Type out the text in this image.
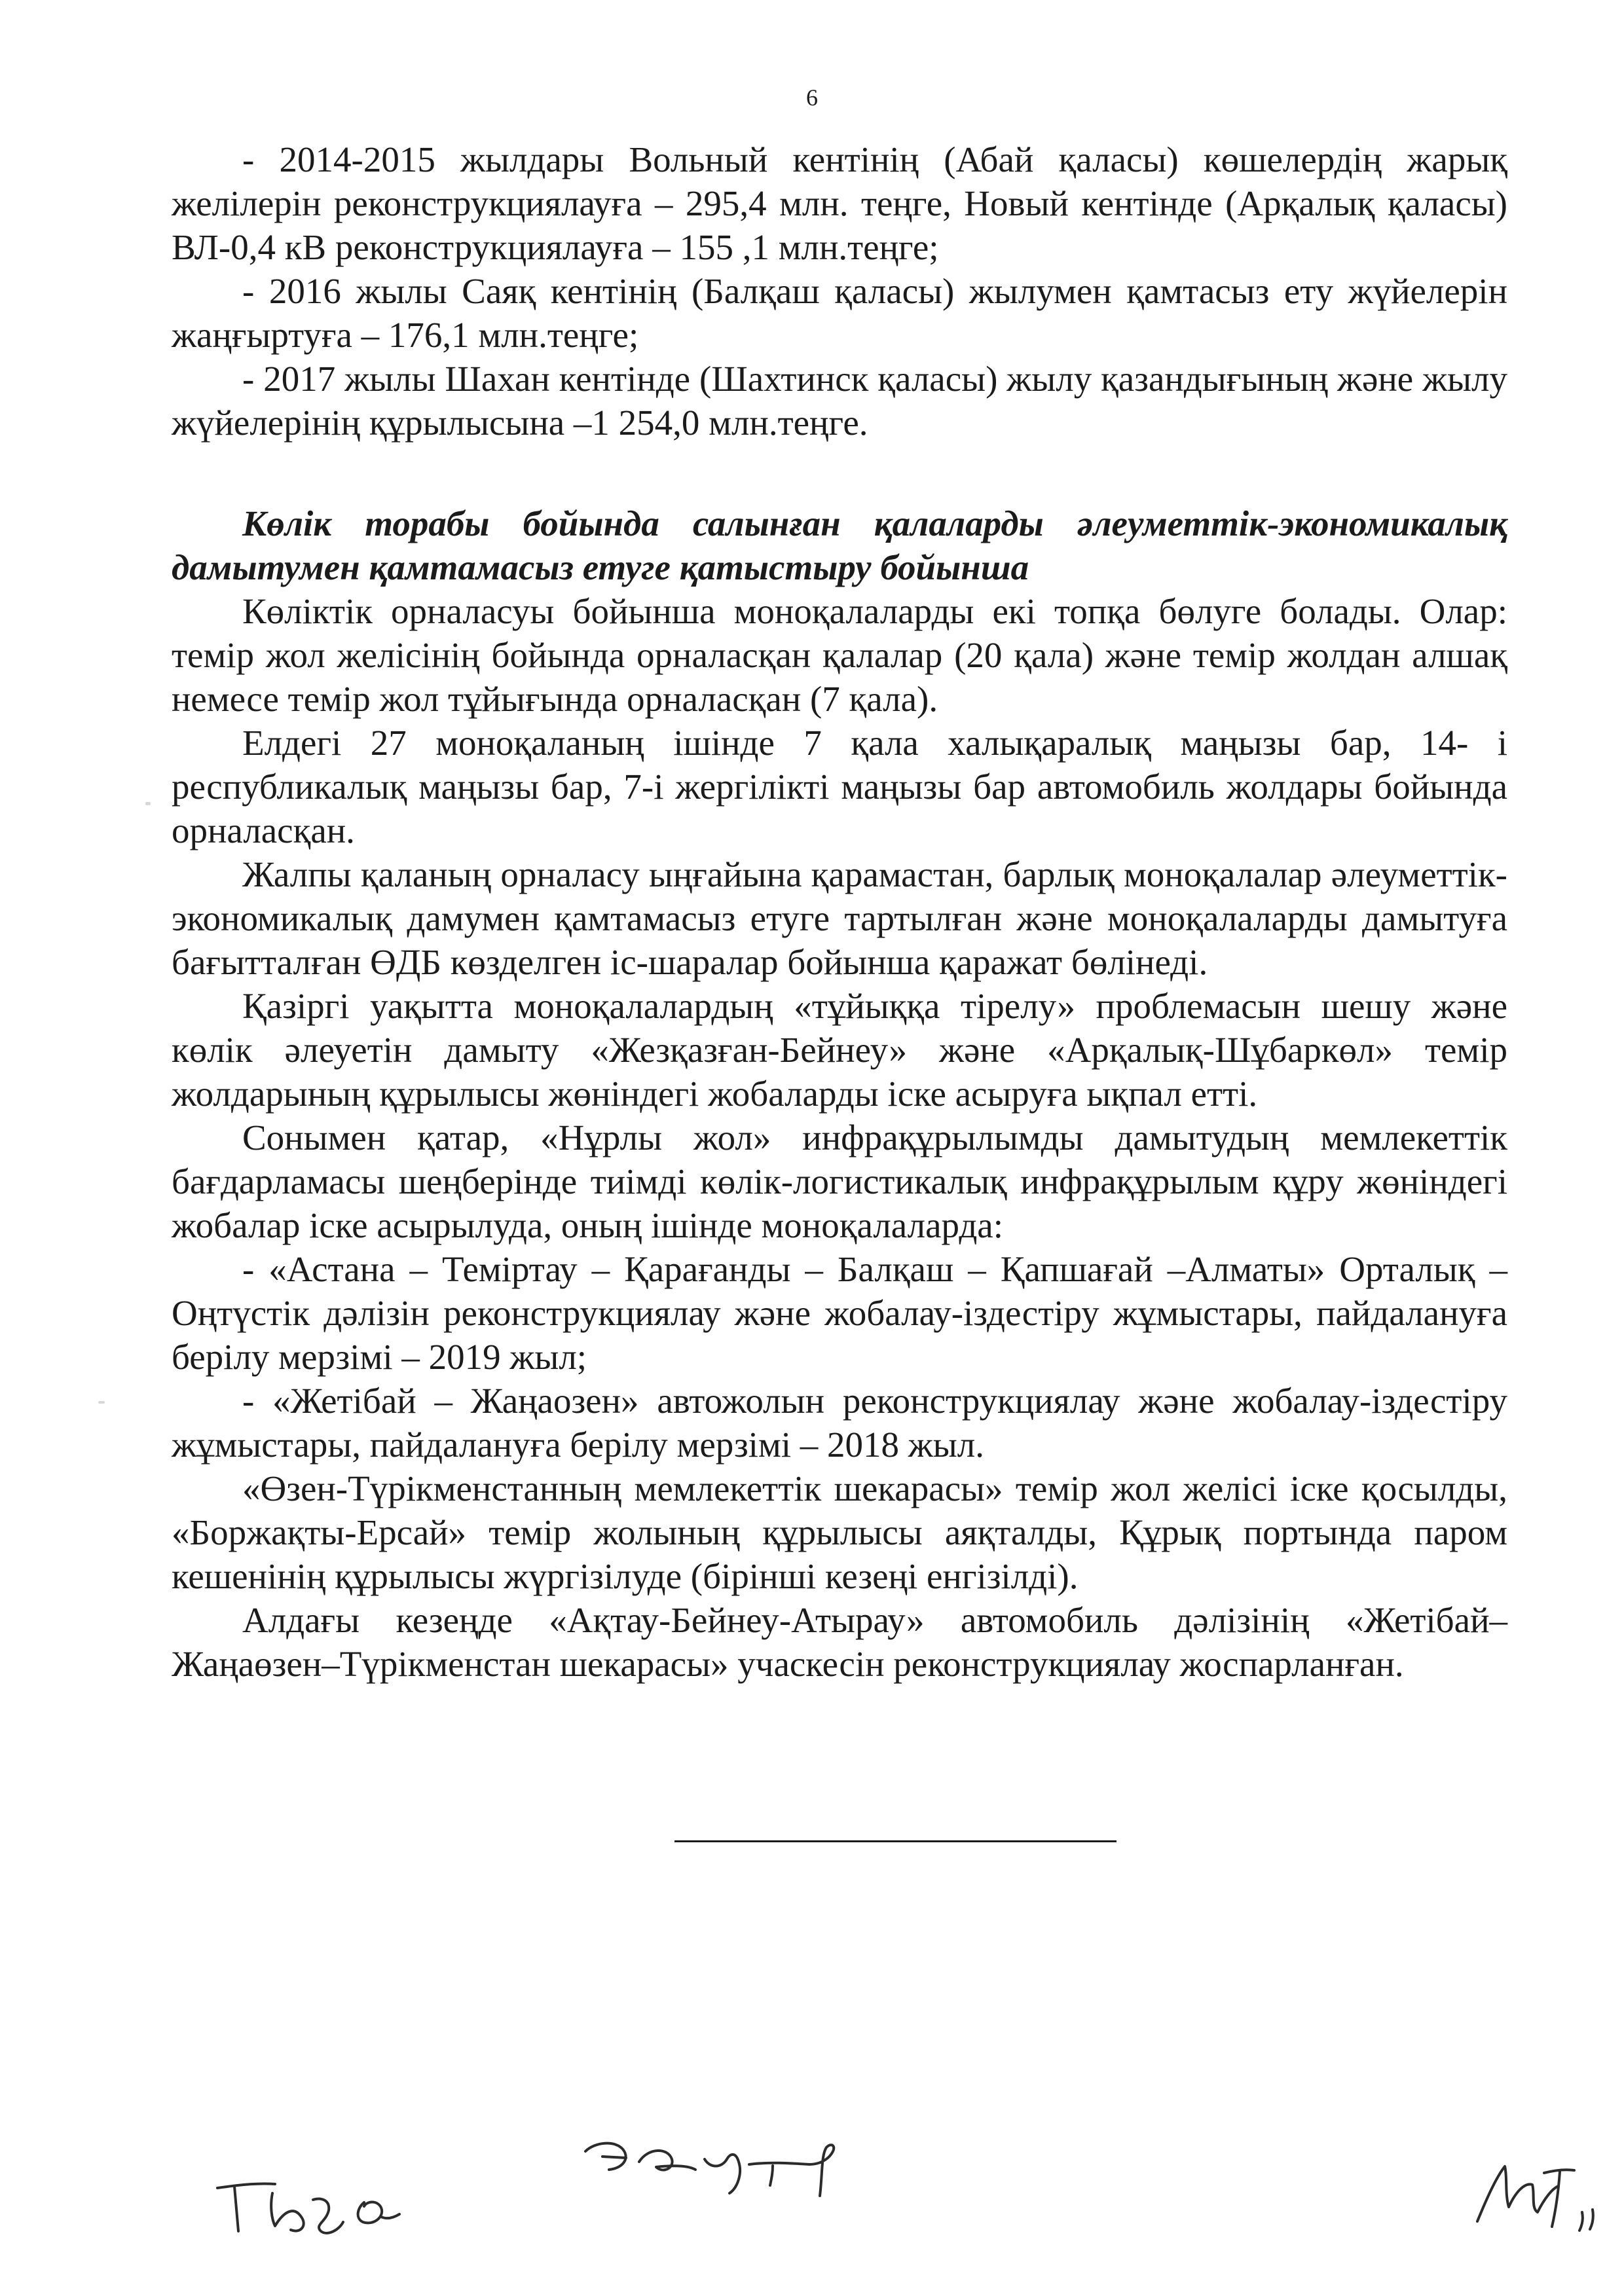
6

- 2014-2015 жылдары Вольный кентінің (Абай қаласы) көшелердің жарық желілерін реконструкциялауға – 295,4 млн. теңге, Новый кентінде (Арқалық қаласы) ВЛ-0,4 кВ реконструкциялауға – 155 ,1 млн.теңге;

- 2016 жылы Саяқ кентінің (Балқаш қаласы) жылумен қамтасыз ету жүйелерін жаңғыртуға – 176,1 млн.теңге;

- 2017 жылы Шахан кентінде (Шахтинск қаласы) жылу қазандығының және жылу жүйелерінің құрылысына –1 254,0 млн.теңге.

Көлік торабы бойында салынған қалаларды әлеуметтік-экономикалық дамытумен қамтамасыз етуге қатыстыру бойынша

Көліктік орналасуы бойынша моноқалаларды екі топқа бөлуге болады. Олар: темір жол желісінің бойында орналасқан қалалар (20 қала) және темір жолдан алшақ немесе темір жол тұйығында орналасқан (7 қала).

Елдегі 27 моноқаланың ішінде 7 қала халықаралық маңызы бар, 14- і республикалық маңызы бар, 7-і жергілікті маңызы бар автомобиль жолдары бойында орналасқан.

Жалпы қаланың орналасу ыңғайына қарамастан, барлық моноқалалар әлеуметтік-экономикалық дамумен қамтамасыз етуге тартылған және моноқалаларды дамытуға бағытталған ӨДБ көзделген іс-шаралар бойынша қаражат бөлінеді.

Қазіргі уақытта моноқалалардың «тұйыққа тірелу» проблемасын шешу және көлік әлеуетін дамыту «Жезқазған-Бейнеу» және «Арқалық-Шұбаркөл» темір жолдарының құрылысы жөніндегі жобаларды іске асыруға ықпал етті.

Сонымен қатар, «Нұрлы жол» инфрақұрылымды дамытудың мемлекеттік бағдарламасы шеңберінде тиімді көлік-логистикалық инфрақұрылым құру жөніндегі жобалар іске асырылуда, оның ішінде моноқалаларда:

- «Астана – Теміртау – Қарағанды – Балқаш – Қапшағай –Алматы» Орталық – Оңтүстік дәлізін реконструкциялау және жобалау-іздестіру жұмыстары, пайдалануға берілу мерзімі – 2019 жыл;

- «Жетібай – Жаңаозен» автожолын реконструкциялау және жобалау-іздестіру жұмыстары, пайдалануға берілу мерзімі – 2018 жыл.

«Өзен-Түрікменстанның мемлекеттік шекарасы» темір жол желісі іске қосылды, «Боржақты-Ерсай» темір жолының құрылысы аяқталды, Құрық портында паром кешенінің құрылысы жүргізілуде (бірінші кезеңі енгізілді).

Алдағы кезеңде «Ақтау-Бейнеу-Атырау» автомобиль дәлізінің «Жетібай–Жаңаөзен–Түрікменстан шекарасы» учаскесін реконструкциялау жоспарланған.
